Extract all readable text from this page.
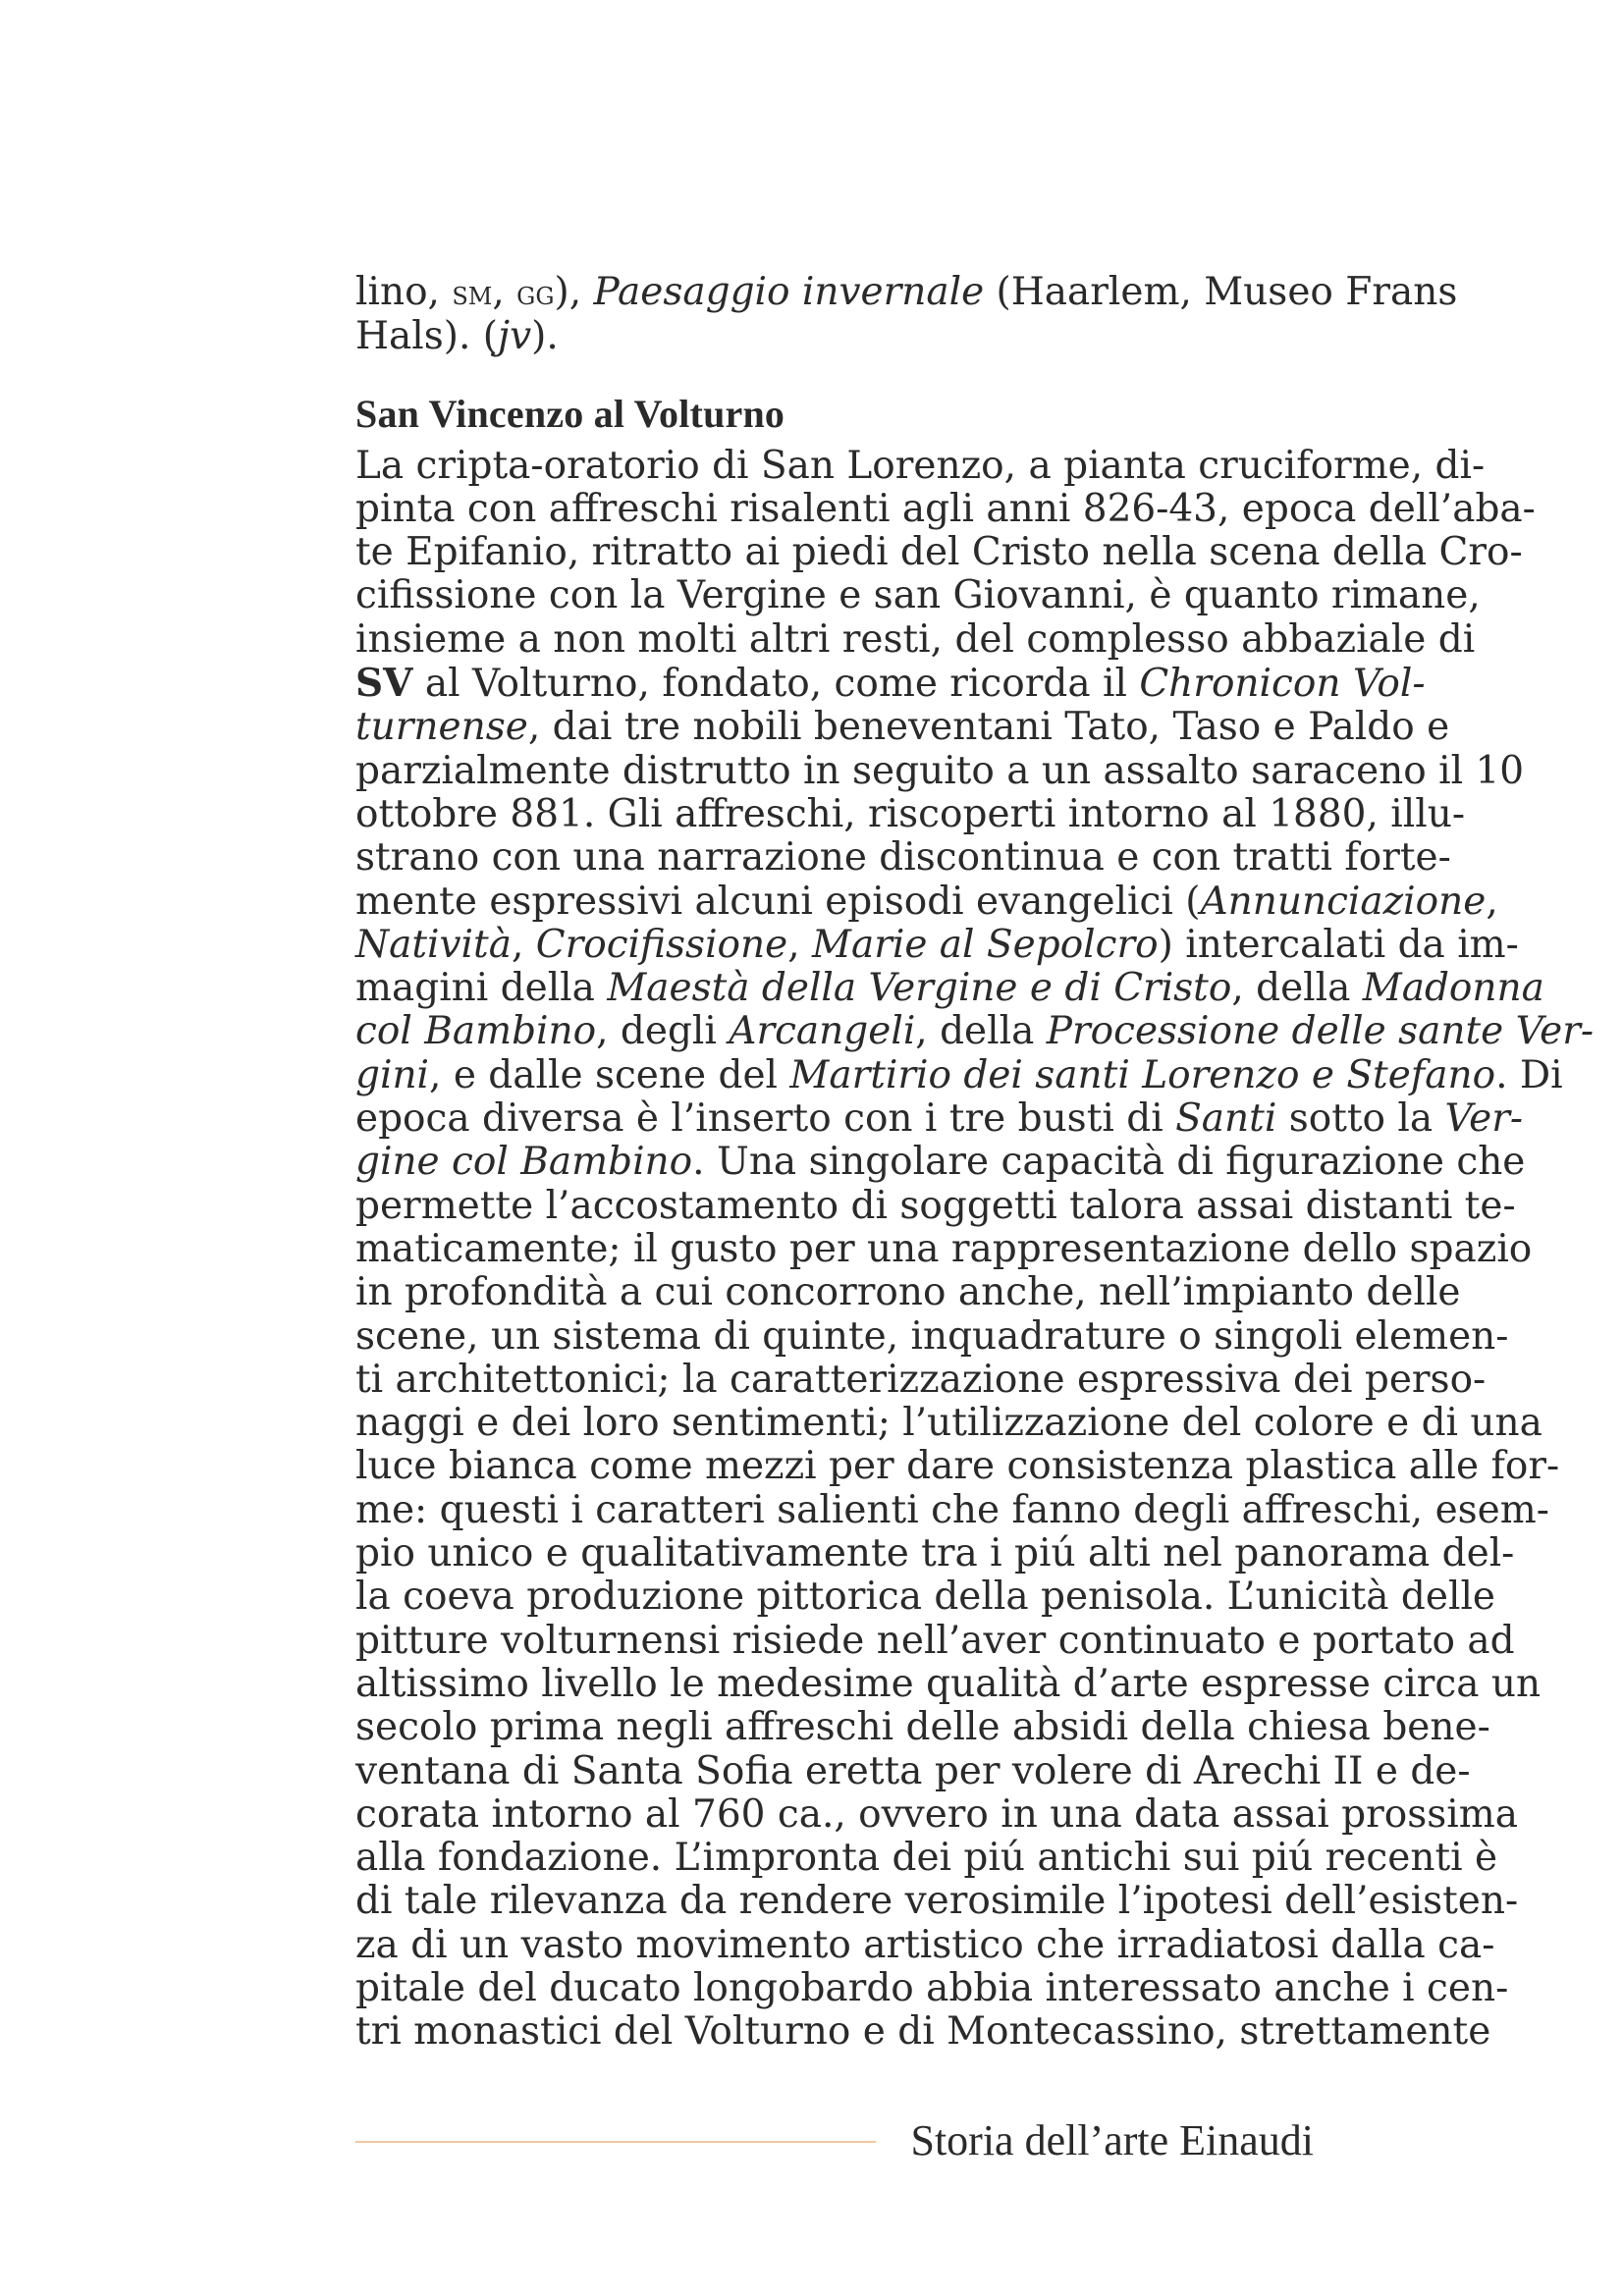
lino, sm, gg), Paesaggio invernale (Haarlem, Museo Frans
Hals). (jv).
San Vincenzo al Volturno
La cripta-oratorio di San Lorenzo, a pianta cruciforme, di-
pinta con affreschi risalenti agli anni 826-43, epoca dell’aba-
te Epifanio, ritratto ai piedi del Cristo nella scena della Cro-
cifissione con la Vergine e san Giovanni, è quanto rimane,
insieme a non molti altri resti, del complesso abbaziale di
SV al Volturno, fondato, come ricorda il Chronicon Vol-
turnense, dai tre nobili beneventani Tato, Taso e Paldo e
parzialmente distrutto in seguito a un assalto saraceno il 10
ottobre 881. Gli affreschi, riscoperti intorno al 1880, illu-
strano con una narrazione discontinua e con tratti forte-
mente espressivi alcuni episodi evangelici (Annunciazione,
Natività, Crocifissione, Marie al Sepolcro) intercalati da im-
magini della Maestà della Vergine e di Cristo, della Madonna
col Bambino, degli Arcangeli, della Processione delle sante Ver-
gini, e dalle scene del Martirio dei santi Lorenzo e Stefano. Di
epoca diversa è l’inserto con i tre busti di Santi sotto la Ver-
gine col Bambino. Una singolare capacità di figurazione che
permette l’accostamento di soggetti talora assai distanti te-
maticamente; il gusto per una rappresentazione dello spazio
in profondità a cui concorrono anche, nell’impianto delle
scene, un sistema di quinte, inquadrature o singoli elemen-
ti architettonici; la caratterizzazione espressiva dei perso-
naggi e dei loro sentimenti; l’utilizzazione del colore e di una
luce bianca come mezzi per dare consistenza plastica alle for-
me: questi i caratteri salienti che fanno degli affreschi, esem-
pio unico e qualitativamente tra i piú alti nel panorama del-
la coeva produzione pittorica della penisola. L’unicità delle
pitture volturnensi risiede nell’aver continuato e portato ad
altissimo livello le medesime qualità d’arte espresse circa un
secolo prima negli affreschi delle absidi della chiesa bene-
ventana di Santa Sofia eretta per volere di Arechi II e de-
corata intorno al 760 ca., ovvero in una data assai prossima
alla fondazione. L’impronta dei piú antichi sui piú recenti è
di tale rilevanza da rendere verosimile l’ipotesi dell’esisten-
za di un vasto movimento artistico che irradiatosi dalla ca-
pitale del ducato longobardo abbia interessato anche i cen-
tri monastici del Volturno e di Montecassino, strettamente
Storia dell’arte Einaudi
